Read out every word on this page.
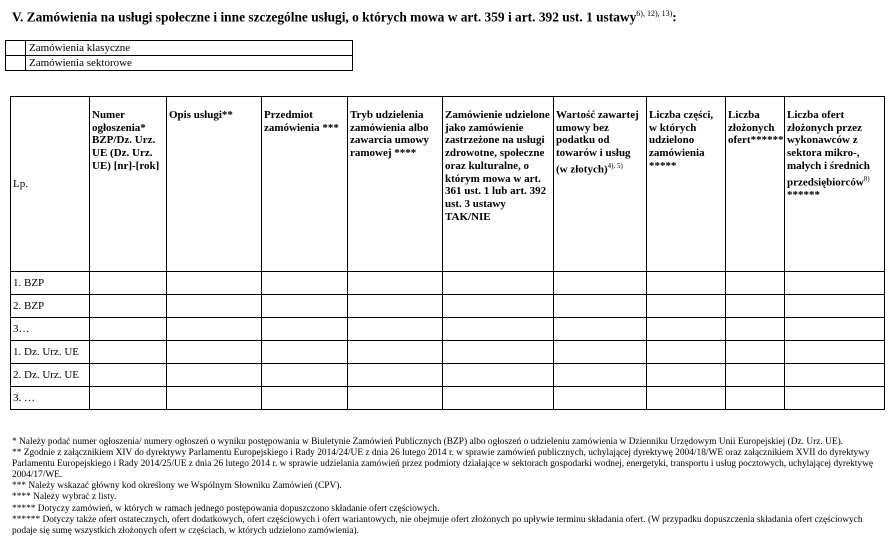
V. Zamówienia na usługi społeczne i inne szczególne usługi, o których mowa w art. 359 i art. 392 ust. 1 ustawy$^{6), 12), 13)}$:
	Zamówienia klasyczne
	Zamówienia sektorowe
Lp.	Numer ogłoszenia* BZP/Dz. Urz. UE (Dz. Urz. UE) [nr]-[rok]	Opis usługi**	Przedmiot zamówienia ***	Tryb udzielenia zamówienia albo zawarcia umowy ramowej ****	Zamówienie udzielone jako zamówienie zastrzeżone na usługi zdrowotne, społeczne oraz kulturalne, o którym mowa w art. 361 ust. 1 lub art. 392 ust. 3 ustawy TAK/NIE	Wartość zawartej umowy bez podatku od towarów i usług (w złotych)$^{4), 5)}$	Liczba części, w których udzielono zamówienia *****	Liczba złożonych ofert******	Liczba ofert złożonych przez wykonawców z sektora mikro-, małych i średnich przedsiębiorców$^{8)}$ ******
1. BZP									
2. BZP									
3…									
1. Dz. Urz. UE									
2. Dz. Urz. UE									
3. …									
* Należy podać numer ogłoszenia/ numery ogłoszeń o wyniku postępowania w Biuletynie Zamówień Publicznych (BZP) albo ogłoszeń o udzieleniu zamówienia w Dzienniku Urzędowym Unii Europejskiej (Dz. Urz. UE).
** Zgodnie z załącznikiem XIV do dyrektywy Parlamentu Europejskiego i Rady 2014/24/UE z dnia 26 lutego 2014 r. w sprawie zamówień publicznych, uchylającej dyrektywę 2004/18/WE oraz załącznikiem XVII do dyrektywy Parlamentu Europejskiego i Rady 2014/25/UE z dnia 26 lutego 2014 r. w sprawie udzielania zamówień przez podmioty działające w sektorach gospodarki wodnej, energetyki, transportu i usług pocztowych, uchylającej dyrektywę 2004/17/WE.
*** Należy wskazać główny kod określony we Wspólnym Słowniku Zamówień (CPV).
**** Należy wybrać z listy.
***** Dotyczy zamówień, w których w ramach jednego postępowania dopuszczono składanie ofert częściowych.
****** Dotyczy także ofert ostatecznych, ofert dodatkowych, ofert częściowych i ofert wariantowych, nie obejmuje ofert złożonych po upływie terminu składania ofert. (W przypadku dopuszczenia składania ofert częściowych podaje się sumę wszystkich złożonych ofert w częściach, w których udzielono zamówienia).
